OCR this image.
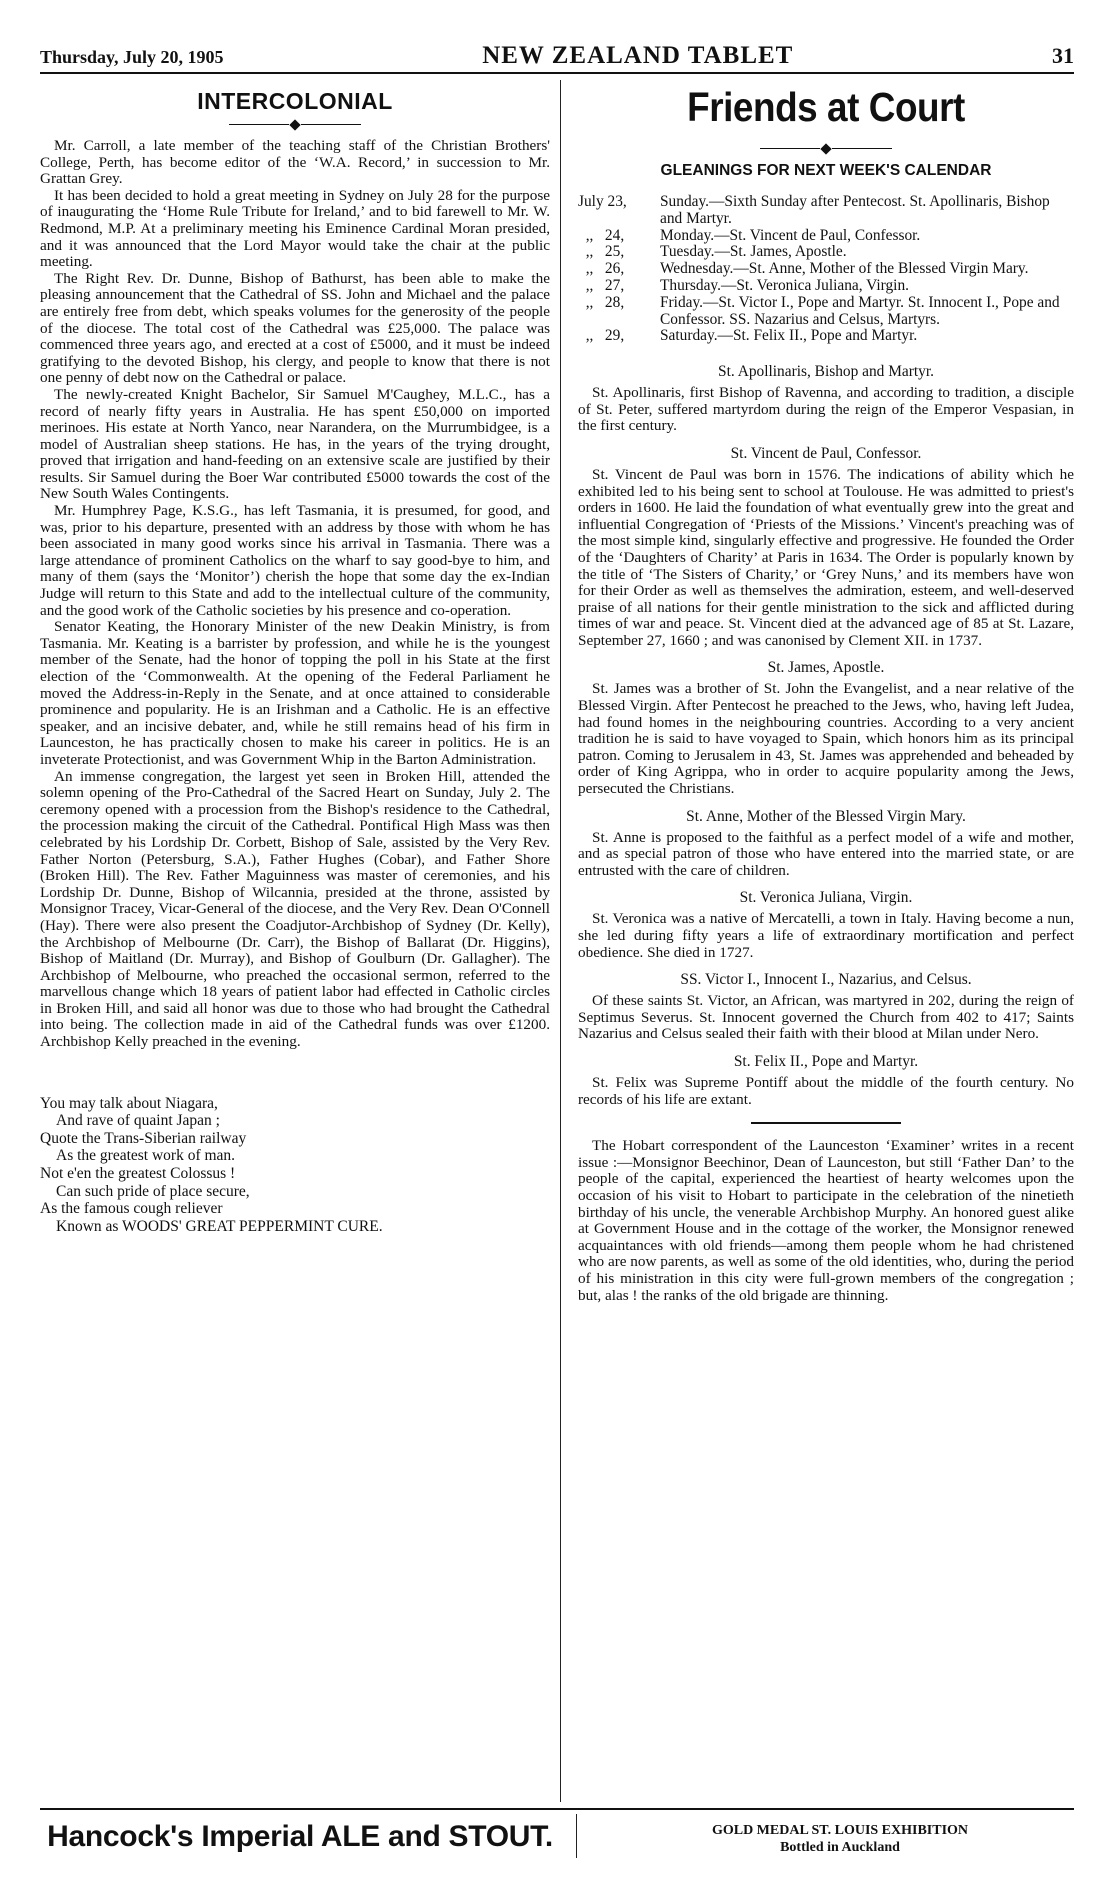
Thursday, July 20, 1905	NEW ZEALAND TABLET	31
INTERCOLONIAL

Mr. Carroll, a late member of the teaching staff of the Christian Brothers' College, Perth, has become editor of the ‘W.A. Record,’ in succession to Mr. Grattan Grey.

It has been decided to hold a great meeting in Sydney on July 28 for the purpose of inaugurating the ‘Home Rule Tribute for Ireland,’ and to bid farewell to Mr. W. Redmond, M.P. At a preliminary meeting his Eminence Cardinal Moran presided, and it was announced that the Lord Mayor would take the chair at the public meeting.

The Right Rev. Dr. Dunne, Bishop of Bathurst, has been able to make the pleasing announcement that the Cathedral of SS. John and Michael and the palace are entirely free from debt, which speaks volumes for the generosity of the people of the diocese. The total cost of the Cathedral was £25,000. The palace was commenced three years ago, and erected at a cost of £5000, and it must be indeed gratifying to the devoted Bishop, his clergy, and people to know that there is not one penny of debt now on the Cathedral or palace.

The newly-created Knight Bachelor, Sir Samuel M'Caughey, M.L.C., has a record of nearly fifty years in Australia. He has spent £50,000 on imported merinoes. His estate at North Yanco, near Narandera, on the Murrumbidgee, is a model of Australian sheep stations. He has, in the years of the trying drought, proved that irrigation and hand-feeding on an extensive scale are justified by their results. Sir Samuel during the Boer War contributed £5000 towards the cost of the New South Wales Contingents.

Mr. Humphrey Page, K.S.G., has left Tasmania, it is presumed, for good, and was, prior to his departure, presented with an address by those with whom he has been associated in many good works since his arrival in Tasmania. There was a large attendance of prominent Catholics on the wharf to say good-bye to him, and many of them (says the ‘Monitor’) cherish the hope that some day the ex-Indian Judge will return to this State and add to the intellectual culture of the community, and the good work of the Catholic societies by his presence and co-operation.

Senator Keating, the Honorary Minister of the new Deakin Ministry, is from Tasmania. Mr. Keating is a barrister by profession, and while he is the youngest member of the Senate, had the honor of topping the poll in his State at the first election of the ‘Commonwealth. At the opening of the Federal Parliament he moved the Address-in-Reply in the Senate, and at once attained to considerable prominence and popularity. He is an Irishman and a Catholic. He is an effective speaker, and an incisive debater, and, while he still remains head of his firm in Launceston, he has practically chosen to make his career in politics. He is an inveterate Protectionist, and was Government Whip in the Barton Administration.

An immense congregation, the largest yet seen in Broken Hill, attended the solemn opening of the Pro-Cathedral of the Sacred Heart on Sunday, July 2. The ceremony opened with a procession from the Bishop's residence to the Cathedral, the procession making the circuit of the Cathedral. Pontifical High Mass was then celebrated by his Lordship Dr. Corbett, Bishop of Sale, assisted by the Very Rev. Father Norton (Petersburg, S.A.), Father Hughes (Cobar), and Father Shore (Broken Hill). The Rev. Father Maguinness was master of ceremonies, and his Lordship Dr. Dunne, Bishop of Wilcannia, presided at the throne, assisted by Monsignor Tracey, Vicar-General of the diocese, and the Very Rev. Dean O'Connell (Hay). There were also present the Coadjutor-Archbishop of Sydney (Dr. Kelly), the Archbishop of Melbourne (Dr. Carr), the Bishop of Ballarat (Dr. Higgins), Bishop of Maitland (Dr. Murray), and Bishop of Goulburn (Dr. Gallagher). The Archbishop of Melbourne, who preached the occasional sermon, referred to the marvellous change which 18 years of patient labor had effected in Catholic circles in Broken Hill, and said all honor was due to those who had brought the Cathedral into being. The collection made in aid of the Cathedral funds was over £1200. Archbishop Kelly preached in the evening.

You may talk about Niagara,
And rave of quaint Japan ;
Quote the Trans-Siberian railway
As the greatest work of man.
Not e'en the greatest Colossus !
Can such pride of place secure,
As the famous cough reliever
Known as WOODS' GREAT PEPPERMINT CURE.
Friends at Court
GLEANINGS FOR NEXT WEEK'S CALENDAR
July 23,	Sunday.—Sixth Sunday after Pentecost. St. Apollinaris, Bishop and Martyr.
,,   24,	Monday.—St. Vincent de Paul, Confessor.
,,   25,	Tuesday.—St. James, Apostle.
,,   26,	Wednesday.—St. Anne, Mother of the Blessed Virgin Mary.
,,   27,	Thursday.—St. Veronica Juliana, Virgin.
,,   28,	Friday.—St. Victor I., Pope and Martyr. St. Innocent I., Pope and Confessor. SS. Nazarius and Celsus, Martyrs.
,,   29,	Saturday.—St. Felix II., Pope and Martyr.
St. Apollinaris, Bishop and Martyr.

St. Apollinaris, first Bishop of Ravenna, and according to tradition, a disciple of St. Peter, suffered martyrdom during the reign of the Emperor Vespasian, in the first century.

St. Vincent de Paul, Confessor.

St. Vincent de Paul was born in 1576. The indications of ability which he exhibited led to his being sent to school at Toulouse. He was admitted to priest's orders in 1600. He laid the foundation of what eventually grew into the great and influential Congregation of ‘Priests of the Missions.’ Vincent's preaching was of the most simple kind, singularly effective and progressive. He founded the Order of the ‘Daughters of Charity’ at Paris in 1634. The Order is popularly known by the title of ‘The Sisters of Charity,’ or ‘Grey Nuns,’ and its members have won for their Order as well as themselves the admiration, esteem, and well-deserved praise of all nations for their gentle ministration to the sick and afflicted during times of war and peace. St. Vincent died at the advanced age of 85 at St. Lazare, September 27, 1660 ; and was canonised by Clement XII. in 1737.

St. James, Apostle.

St. James was a brother of St. John the Evangelist, and a near relative of the Blessed Virgin. After Pentecost he preached to the Jews, who, having left Judea, had found homes in the neighbouring countries. According to a very ancient tradition he is said to have voyaged to Spain, which honors him as its principal patron. Coming to Jerusalem in 43, St. James was apprehended and beheaded by order of King Agrippa, who in order to acquire popularity among the Jews, persecuted the Christians.

St. Anne, Mother of the Blessed Virgin Mary.

St. Anne is proposed to the faithful as a perfect model of a wife and mother, and as special patron of those who have entered into the married state, or are entrusted with the care of children.

St. Veronica Juliana, Virgin.

St. Veronica was a native of Mercatelli, a town in Italy. Having become a nun, she led during fifty years a life of extraordinary mortification and perfect obedience. She died in 1727.

SS. Victor I., Innocent I., Nazarius, and Celsus.

Of these saints St. Victor, an African, was martyred in 202, during the reign of Septimus Severus. St. Innocent governed the Church from 402 to 417; Saints Nazarius and Celsus sealed their faith with their blood at Milan under Nero.

St. Felix II., Pope and Martyr.

St. Felix was Supreme Pontiff about the middle of the fourth century. No records of his life are extant.

The Hobart correspondent of the Launceston ‘Examiner’ writes in a recent issue :—Monsignor Beechinor, Dean of Launceston, but still ‘Father Dan’ to the people of the capital, experienced the heartiest of hearty welcomes upon the occasion of his visit to Hobart to participate in the celebration of the ninetieth birthday of his uncle, the venerable Archbishop Murphy. An honored guest alike at Government House and in the cottage of the worker, the Monsignor renewed acquaintances with old friends—among them people whom he had christened who are now parents, as well as some of the old identities, who, during the period of his ministration in this city were full-grown members of the congregation ; but, alas ! the ranks of the old brigade are thinning.

Hancock's Imperial ALE and STOUT.	GOLD MEDAL ST. LOUIS EXHIBITION
Bottled in Auckland
